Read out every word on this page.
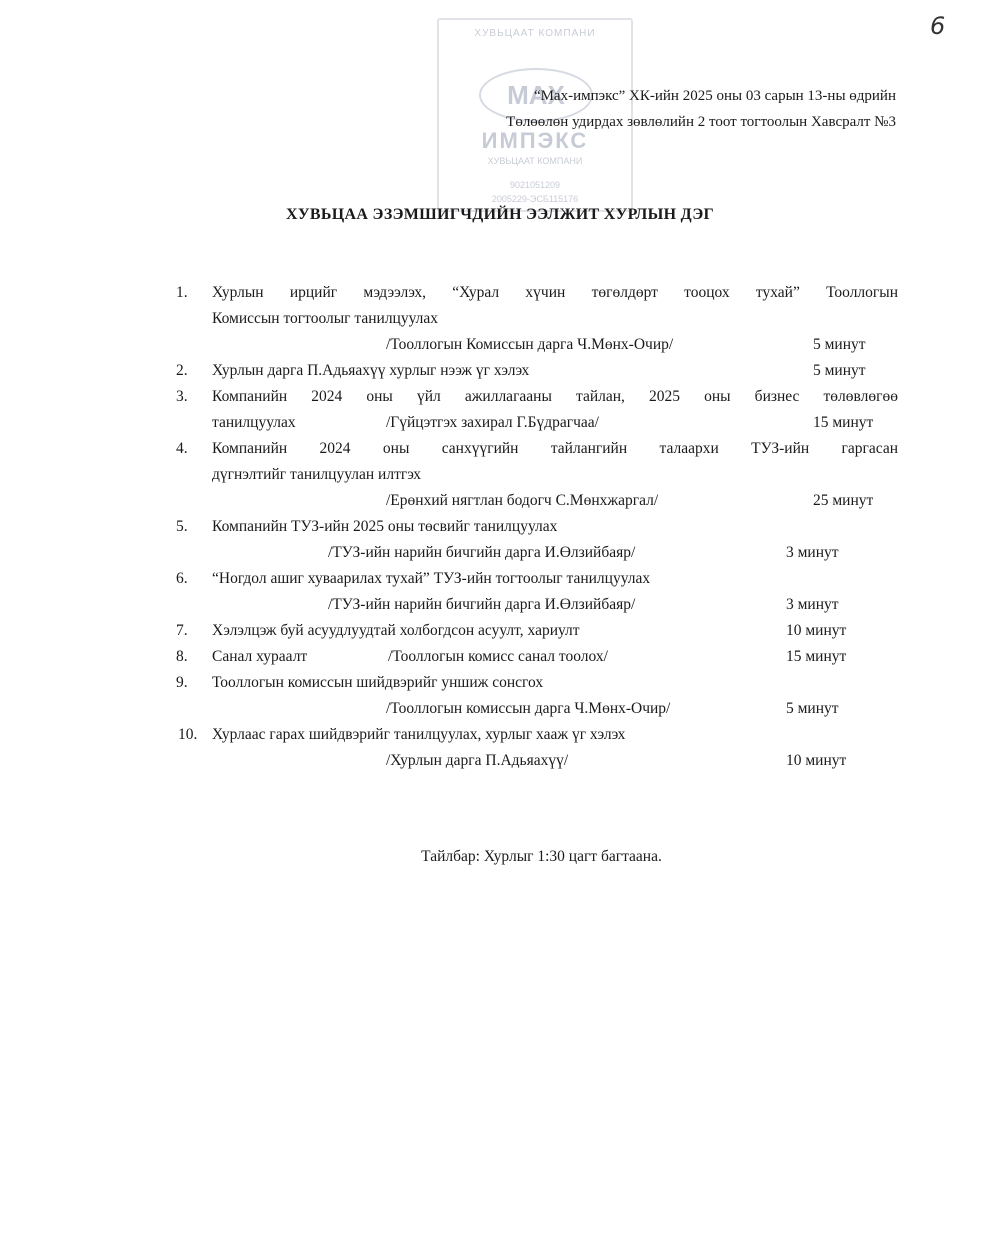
6
ХУВЬЦААТ КОМПАНИ
MAX
ИМПЭКС
ХУВЬЦААТ КОМПАНИ
9021051209
2005229-ЭСБ115176
“Мах-импэкс” ХК-ийн 2025 оны 03 сарын 13-ны өдрийн
Төлөөлөн удирдах зөвлөлийн 2 тоот тогтоолын Хавсралт №3
ХУВЬЦАА ЭЗЭМШИГЧДИЙН ЭЭЛЖИТ ХУРЛЫН ДЭГ
1. Хурлын ирцийг мэдээлэх, “Хурал хүчин төгөлдөрт тооцох тухай” Тооллогын
Комиссын тогтоолыг танилцуулах
/Тооллогын Комиссын дарга Ч.Мөнх-Очир/	5 минут
2. Хурлын дарга П.Адьяахүү хурлыг нээж үг хэлэх	5 минут
3. Компанийн 2024 оны үйл ажиллагааны тайлан, 2025 оны бизнес төлөвлөгөө
танилцуулах	/Гүйцэтгэх захирал Г.Бүдрагчаа/	15 минут
4. Компанийн 2024 оны санхүүгийн тайлангийн талаархи ТУЗ-ийн гаргасан
дүгнэлтийг танилцуулан илтгэх
/Ерөнхий нягтлан бодогч С.Мөнхжаргал/	25 минут
5. Компанийн ТУЗ-ийн 2025 оны төсвийг танилцуулах
/ТУЗ-ийн нарийн бичгийн дарга И.Өлзийбаяр/	3 минут
6. “Ногдол ашиг хуваарилах тухай” ТУЗ-ийн тогтоолыг танилцуулах
/ТУЗ-ийн нарийн бичгийн дарга И.Өлзийбаяр/	3 минут
7. Хэлэлцэж буй асуудлуудтай холбогдсон асуулт, хариулт	10 минут
8. Санал хураалт	/Тооллогын комисс санал тоолох/	15 минут
9. Тооллогын комиссын шийдвэрийг уншиж сонсгох
/Тооллогын комиссын дарга Ч.Мөнх-Очир/	5 минут
10. Хурлаас гарах шийдвэрийг танилцуулах, хурлыг хааж үг хэлэх
/Хурлын дарга П.Адьяахүү/	10 минут
Тайлбар: Хурлыг 1:30 цагт багтаана.
